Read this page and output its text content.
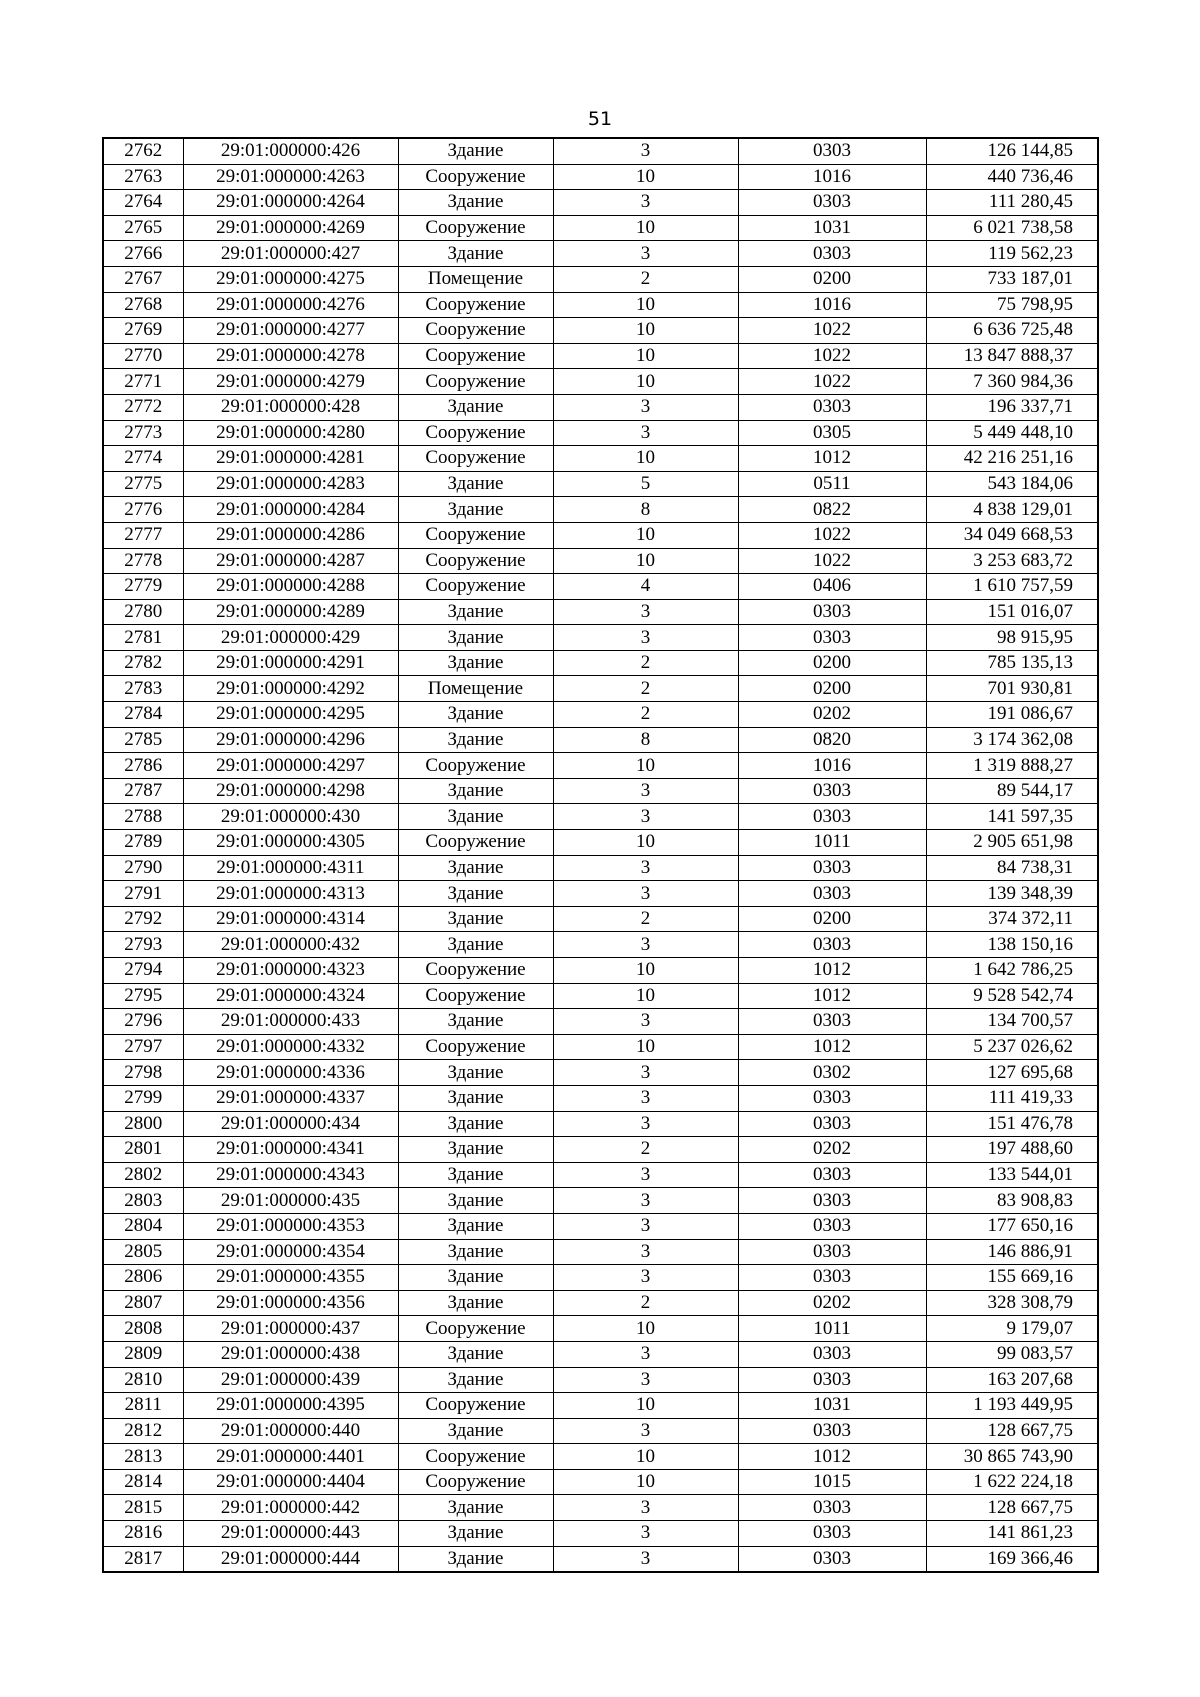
51
2762	29:01:000000:426	Здание	3	0303	126 144,85
2763	29:01:000000:4263	Сооружение	10	1016	440 736,46
2764	29:01:000000:4264	Здание	3	0303	111 280,45
2765	29:01:000000:4269	Сооружение	10	1031	6 021 738,58
2766	29:01:000000:427	Здание	3	0303	119 562,23
2767	29:01:000000:4275	Помещение	2	0200	733 187,01
2768	29:01:000000:4276	Сооружение	10	1016	75 798,95
2769	29:01:000000:4277	Сооружение	10	1022	6 636 725,48
2770	29:01:000000:4278	Сооружение	10	1022	13 847 888,37
2771	29:01:000000:4279	Сооружение	10	1022	7 360 984,36
2772	29:01:000000:428	Здание	3	0303	196 337,71
2773	29:01:000000:4280	Сооружение	3	0305	5 449 448,10
2774	29:01:000000:4281	Сооружение	10	1012	42 216 251,16
2775	29:01:000000:4283	Здание	5	0511	543 184,06
2776	29:01:000000:4284	Здание	8	0822	4 838 129,01
2777	29:01:000000:4286	Сооружение	10	1022	34 049 668,53
2778	29:01:000000:4287	Сооружение	10	1022	3 253 683,72
2779	29:01:000000:4288	Сооружение	4	0406	1 610 757,59
2780	29:01:000000:4289	Здание	3	0303	151 016,07
2781	29:01:000000:429	Здание	3	0303	98 915,95
2782	29:01:000000:4291	Здание	2	0200	785 135,13
2783	29:01:000000:4292	Помещение	2	0200	701 930,81
2784	29:01:000000:4295	Здание	2	0202	191 086,67
2785	29:01:000000:4296	Здание	8	0820	3 174 362,08
2786	29:01:000000:4297	Сооружение	10	1016	1 319 888,27
2787	29:01:000000:4298	Здание	3	0303	89 544,17
2788	29:01:000000:430	Здание	3	0303	141 597,35
2789	29:01:000000:4305	Сооружение	10	1011	2 905 651,98
2790	29:01:000000:4311	Здание	3	0303	84 738,31
2791	29:01:000000:4313	Здание	3	0303	139 348,39
2792	29:01:000000:4314	Здание	2	0200	374 372,11
2793	29:01:000000:432	Здание	3	0303	138 150,16
2794	29:01:000000:4323	Сооружение	10	1012	1 642 786,25
2795	29:01:000000:4324	Сооружение	10	1012	9 528 542,74
2796	29:01:000000:433	Здание	3	0303	134 700,57
2797	29:01:000000:4332	Сооружение	10	1012	5 237 026,62
2798	29:01:000000:4336	Здание	3	0302	127 695,68
2799	29:01:000000:4337	Здание	3	0303	111 419,33
2800	29:01:000000:434	Здание	3	0303	151 476,78
2801	29:01:000000:4341	Здание	2	0202	197 488,60
2802	29:01:000000:4343	Здание	3	0303	133 544,01
2803	29:01:000000:435	Здание	3	0303	83 908,83
2804	29:01:000000:4353	Здание	3	0303	177 650,16
2805	29:01:000000:4354	Здание	3	0303	146 886,91
2806	29:01:000000:4355	Здание	3	0303	155 669,16
2807	29:01:000000:4356	Здание	2	0202	328 308,79
2808	29:01:000000:437	Сооружение	10	1011	9 179,07
2809	29:01:000000:438	Здание	3	0303	99 083,57
2810	29:01:000000:439	Здание	3	0303	163 207,68
2811	29:01:000000:4395	Сооружение	10	1031	1 193 449,95
2812	29:01:000000:440	Здание	3	0303	128 667,75
2813	29:01:000000:4401	Сооружение	10	1012	30 865 743,90
2814	29:01:000000:4404	Сооружение	10	1015	1 622 224,18
2815	29:01:000000:442	Здание	3	0303	128 667,75
2816	29:01:000000:443	Здание	3	0303	141 861,23
2817	29:01:000000:444	Здание	3	0303	169 366,46
